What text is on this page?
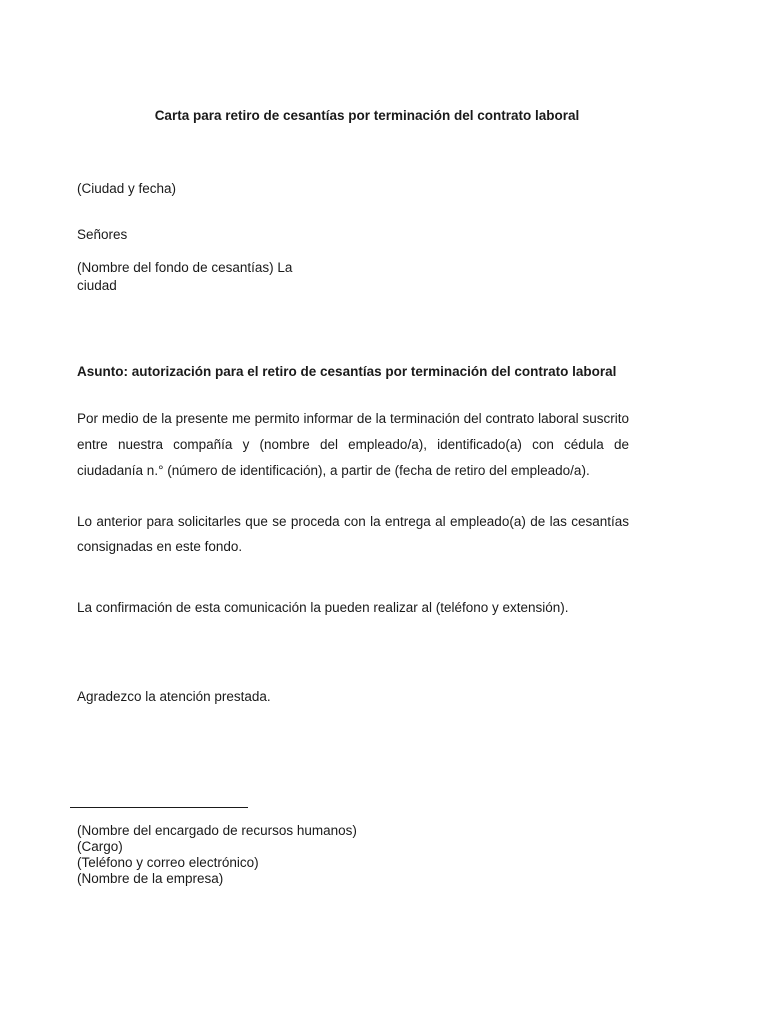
Carta para retiro de cesantías por terminación del contrato laboral

(Ciudad y fecha)

Señores

(Nombre del fondo de cesantías) La ciudad

Asunto: autorización para el retiro de cesantías por terminación del contrato laboral

Por medio de la presente me permito informar de la terminación del contrato laboral suscrito entre nuestra compañía y (nombre del empleado/a), identificado(a) con cédula de ciudadanía n.° (número de identificación), a partir de (fecha de retiro del empleado/a).

Lo anterior para solicitarles que se proceda con la entrega al empleado(a) de las cesantías consignadas en este fondo.

La confirmación de esta comunicación la pueden realizar al (teléfono y extensión).

Agradezco la atención prestada.

(Nombre del encargado de recursos humanos)
(Cargo)
(Teléfono y correo electrónico)
(Nombre de la empresa)
